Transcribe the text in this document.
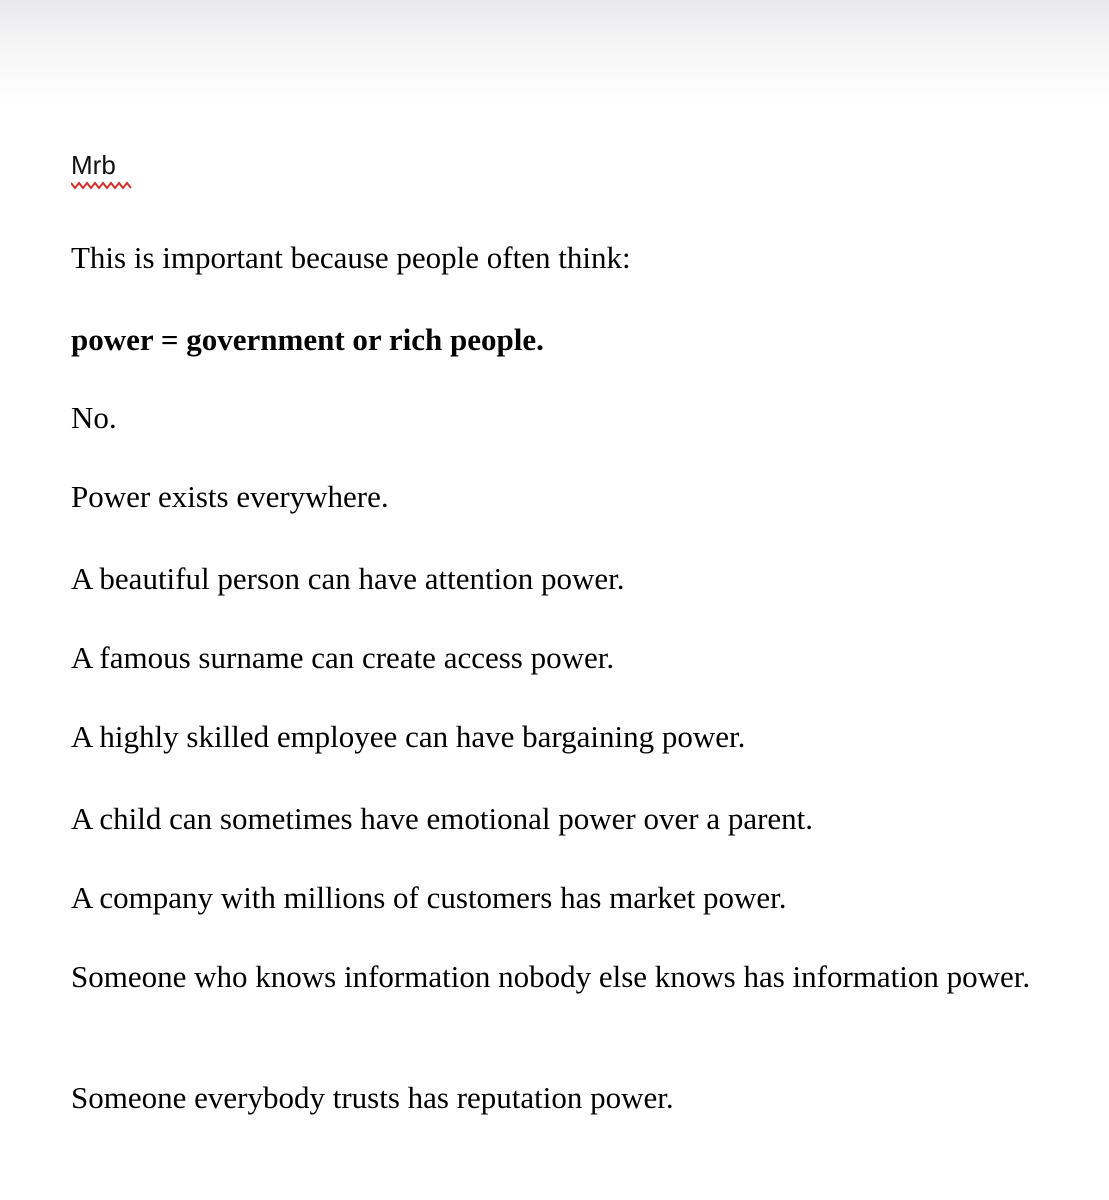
Mrb

This is important because people often think:

power = government or rich people.

No.

Power exists everywhere.

A beautiful person can have attention power.

A famous surname can create access power.

A highly skilled employee can have bargaining power.

A child can sometimes have emotional power over a parent.

A company with millions of customers has market power.

Someone who knows information nobody else knows has information power.

Someone everybody trusts has reputation power.
